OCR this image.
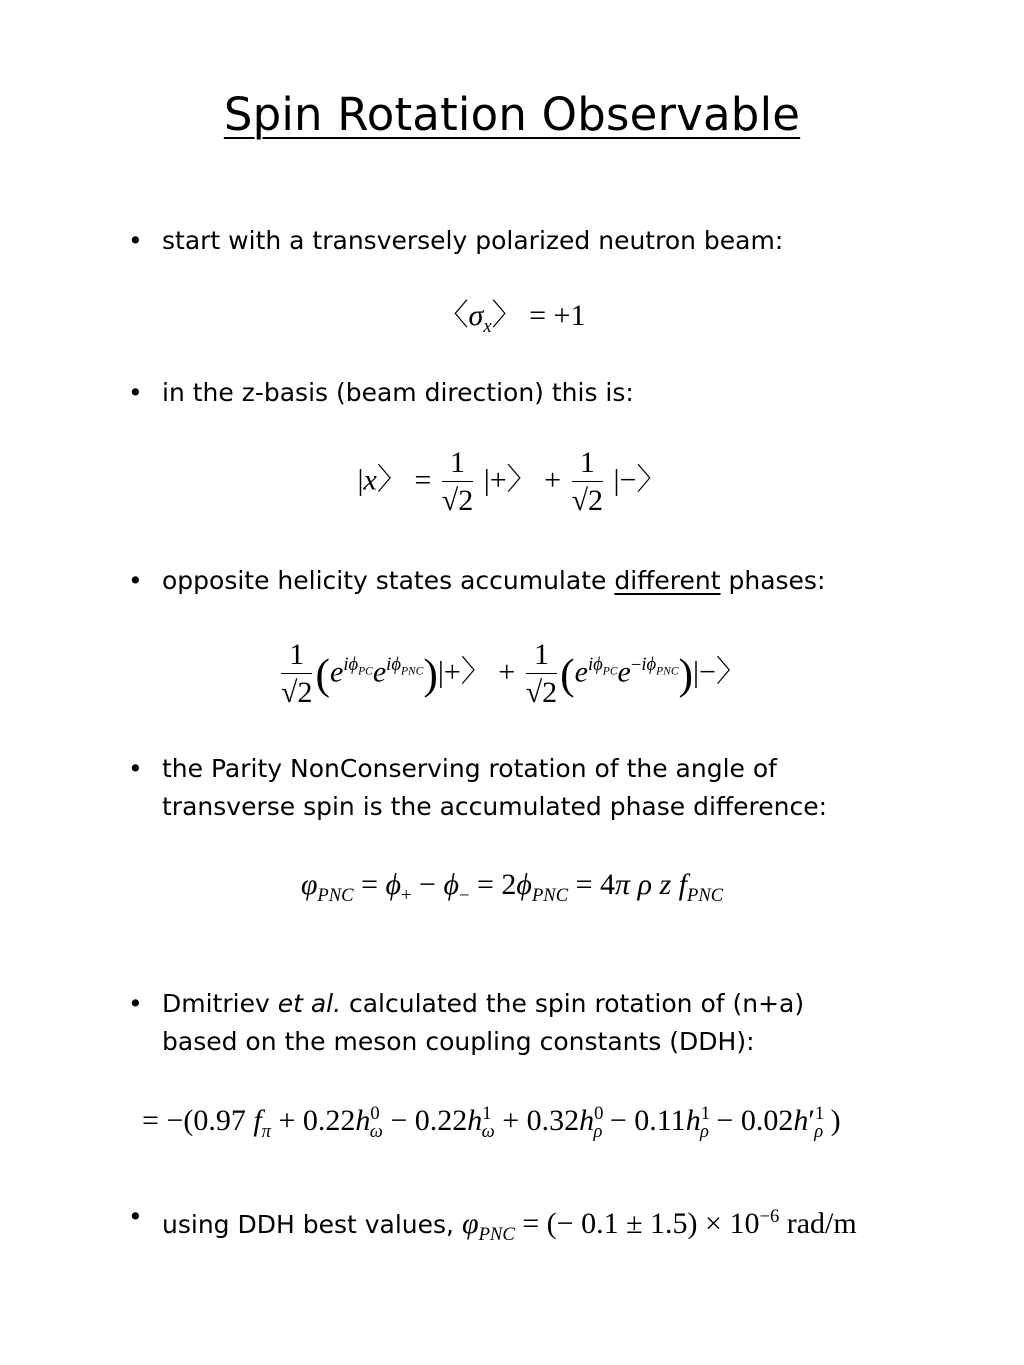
Spin Rotation Observable
• start with a transversely polarized neutron beam:
〈$\sigma_x$〉 = +1
• in the z-basis (beam direction) this is:
|x〉 = $\frac{1}{√2}$ |+〉 + $\frac{1}{√2}$ |−〉
• opposite helicity states accumulate different phases:
$\frac{1}{√2} (e^{i\phi_{PC}}e^{i\phi_{PNC}})|+$〉 + $\frac{1}{√2} (e^{i\phi_{PC}}e^{-i\phi_{PNC}})|-$〉
• the Parity NonConserving rotation of the angle of
transverse spin is the accumulated phase difference:
$\varphi_{PNC} = \phi_+ - \phi_- = 2\phi_{PNC} = 4\pi$ ρ z $f_{PNC}$
• Dmitriev et al. calculated the spin rotation of (n+a)
based on the meson coupling constants (DDH):
= −(0.97 $f_\pi + 0.22h^0_\omega - 0.22h^1_\omega + 0.32h^0_\rho - 0.11h^1_\rho - 0.02h'^1_\rho$ )
• using DDH best values, $\varphi_{PNC}$ = (− $0.1 \pm 1.5) \times 10^{-6}$ rad/m
